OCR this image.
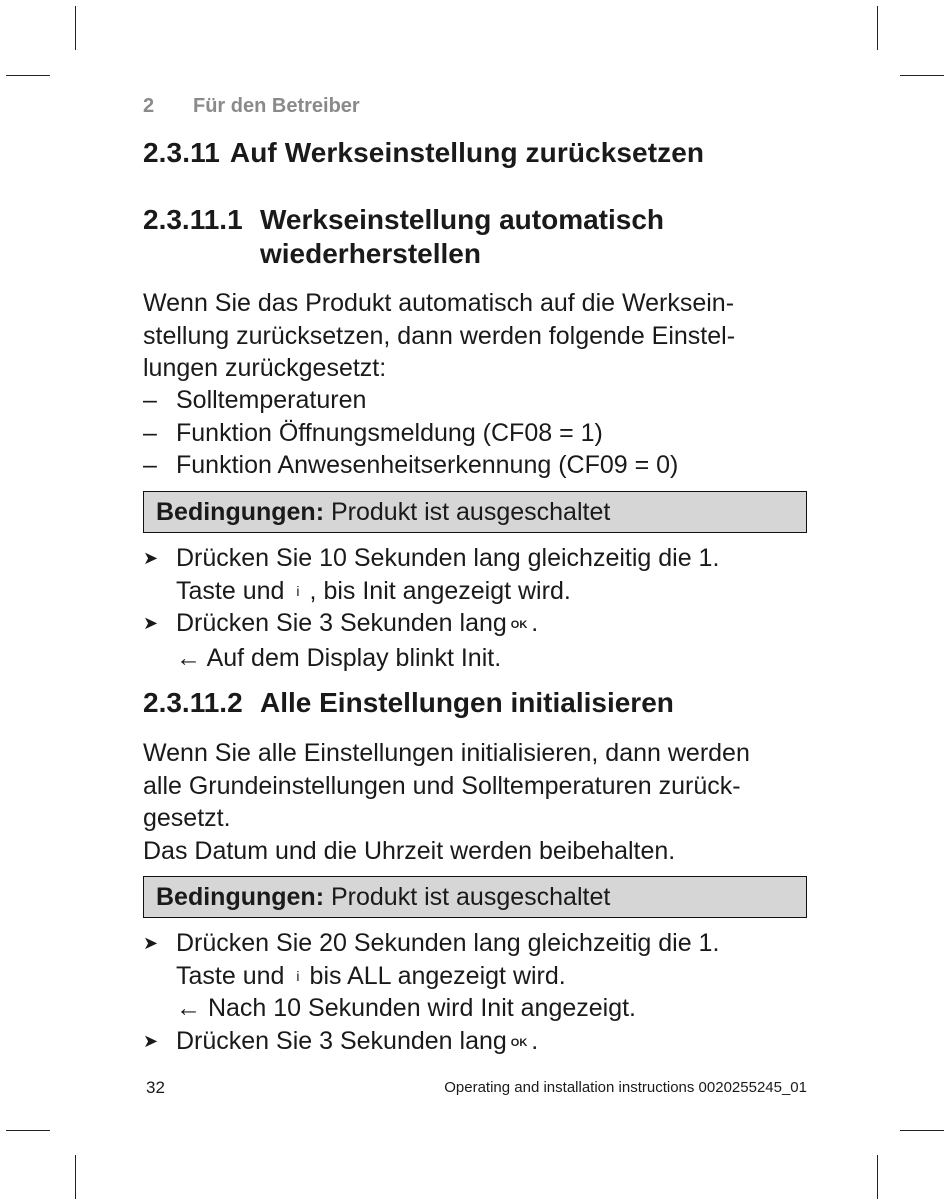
2 Für den Betreiber
2.3.11 Auf Werkseinstellung zurücksetzen
2.3.11.1 Werkseinstellung automatisch
wiederherstellen
Wenn Sie das Produkt automatisch auf die Werksein-
stellung zurücksetzen, dann werden folgende Einstel-
lungen zurückgesetzt:
– Solltemperaturen
– Funktion Öffnungsmeldung (CF08 = 1)
– Funktion Anwesenheitserkennung (CF09 = 0)
Bedingungen: Produkt ist ausgeschaltet
➤ Drücken Sie 10 Sekunden lang gleichzeitig die 1.
Taste und i , bis Init angezeigt wird.
➤ Drücken Sie 3 Sekunden lang OK .
← Auf dem Display blinkt Init.
2.3.11.2 Alle Einstellungen initialisieren
Wenn Sie alle Einstellungen initialisieren, dann werden
alle Grundeinstellungen und Solltemperaturen zurück-
gesetzt.
Das Datum und die Uhrzeit werden beibehalten.
Bedingungen: Produkt ist ausgeschaltet
➤ Drücken Sie 20 Sekunden lang gleichzeitig die 1.
Taste und i bis ALL angezeigt wird.
← Nach 10 Sekunden wird Init angezeigt.
➤ Drücken Sie 3 Sekunden lang OK .
32	Operating and installation instructions 0020255245_01
